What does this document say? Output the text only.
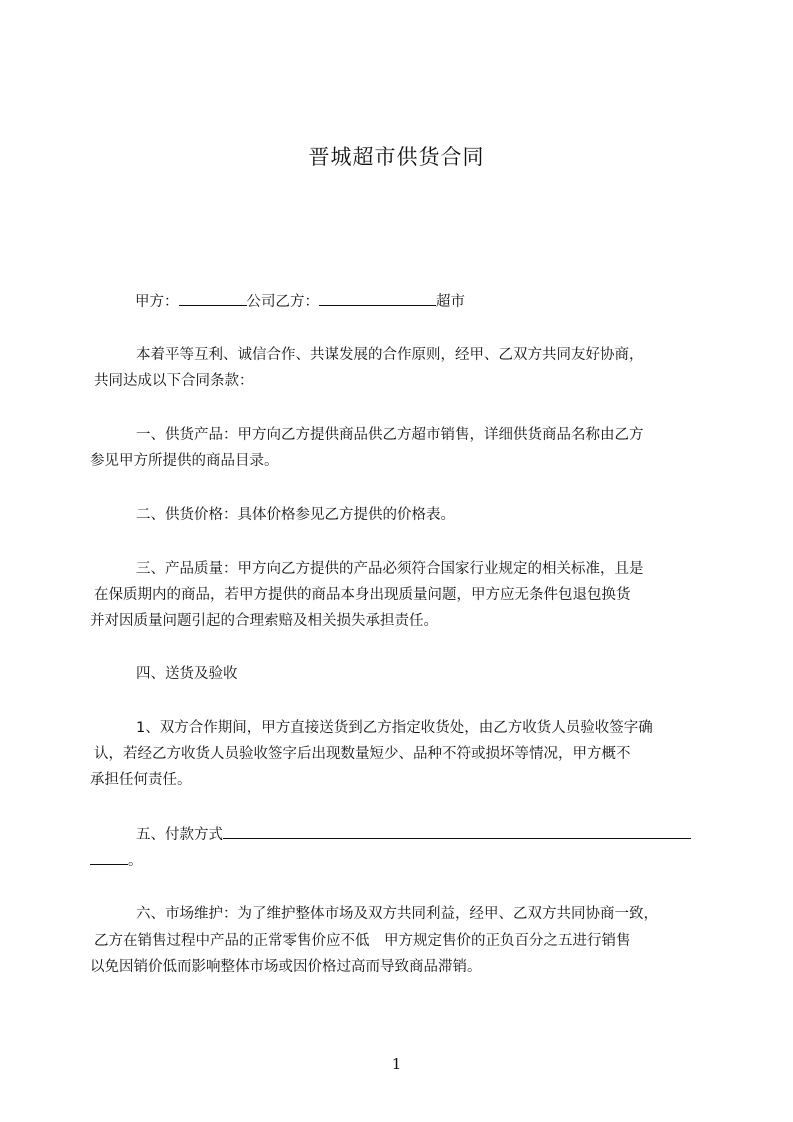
晋城超市供货合同
甲方：	公司乙方：	超市
本着平等互利、诚信合作、共谋发展的合作原则，经甲、乙双方共同友好协商，
共同达成以下合同条款：
一、供货产品：甲方向乙方提供商品供乙方超市销售，详细供货商品名称由乙方
参见甲方所提供的商品目录。
二、供货价格：具体价格参见乙方提供的价格表。
三、产品质量：甲方向乙方提供的产品必须符合国家行业规定的相关标准，且是
在保质期内的商品，若甲方提供的商品本身出现质量问题，甲方应无条件包退包换货
并对因质量问题引起的合理索赔及相关损失承担责任。
四、送货及验收
1、双方合作期间，甲方直接送货到乙方指定收货处，由乙方收货人员验收签字确
认，若经乙方收货人员验收签字后出现数量短少、品种不符或损坏等情况，甲方概不
承担任何责任。
五、付款方式
。
六、市场维护：为了维护整体市场及双方共同利益，经甲、乙双方共同协商一致，
乙方在销售过程中产品的正常零售价应不低　甲方规定售价的正负百分之五进行销售
以免因销价低而影响整体市场或因价格过高而导致商品滞销。
1
